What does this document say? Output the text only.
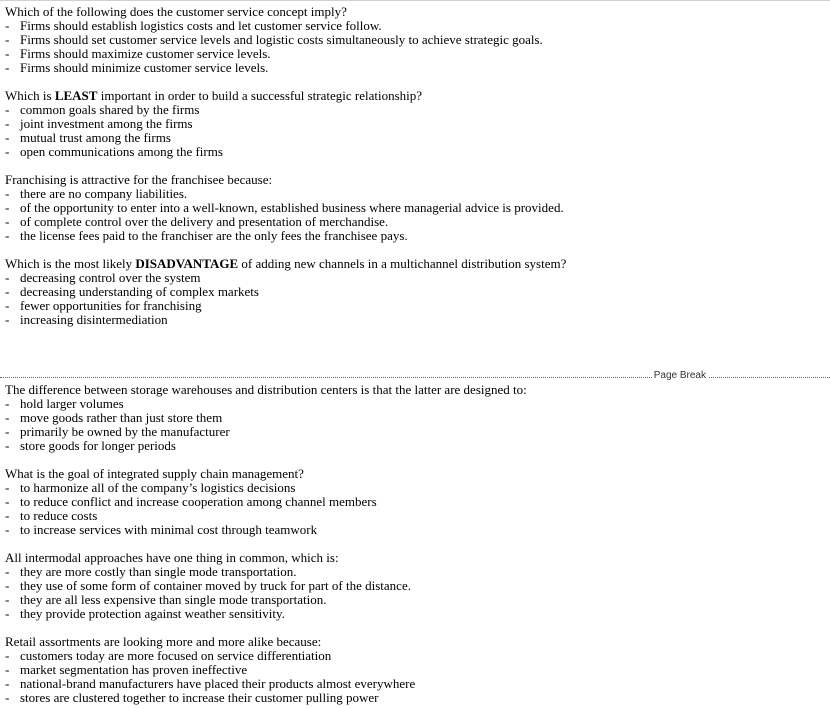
Which of the following does the customer service concept imply?

- Firms should establish logistics costs and let customer service follow.
- Firms should set customer service levels and logistic costs simultaneously to achieve strategic goals.
- Firms should maximize customer service levels.
- Firms should minimize customer service levels.

Which is LEAST important in order to build a successful strategic relationship?

- common goals shared by the firms
- joint investment among the firms
- mutual trust among the firms
- open communications among the firms

Franchising is attractive for the franchisee because:

- there are no company liabilities.
- of the opportunity to enter into a well-known, established business where managerial advice is provided.
- of complete control over the delivery and presentation of merchandise.
- the license fees paid to the franchiser are the only fees the franchisee pays.

Which is the most likely DISADVANTAGE of adding new channels in a multichannel distribution system?

- decreasing control over the system
- decreasing understanding of complex markets
- fewer opportunities for franchising
- increasing disintermediation
Page Break

The difference between storage warehouses and distribution centers is that the latter are designed to:

- hold larger volumes
- move goods rather than just store them
- primarily be owned by the manufacturer
- store goods for longer periods

What is the goal of integrated supply chain management?

- to harmonize all of the company’s logistics decisions
- to reduce conflict and increase cooperation among channel members
- to reduce costs
- to increase services with minimal cost through teamwork

All intermodal approaches have one thing in common, which is:

- they are more costly than single mode transportation.
- they use of some form of container moved by truck for part of the distance.
- they are all less expensive than single mode transportation.
- they provide protection against weather sensitivity.

Retail assortments are looking more and more alike because:

- customers today are more focused on service differentiation
- market segmentation has proven ineffective
- national-brand manufacturers have placed their products almost everywhere
- stores are clustered together to increase their customer pulling power
